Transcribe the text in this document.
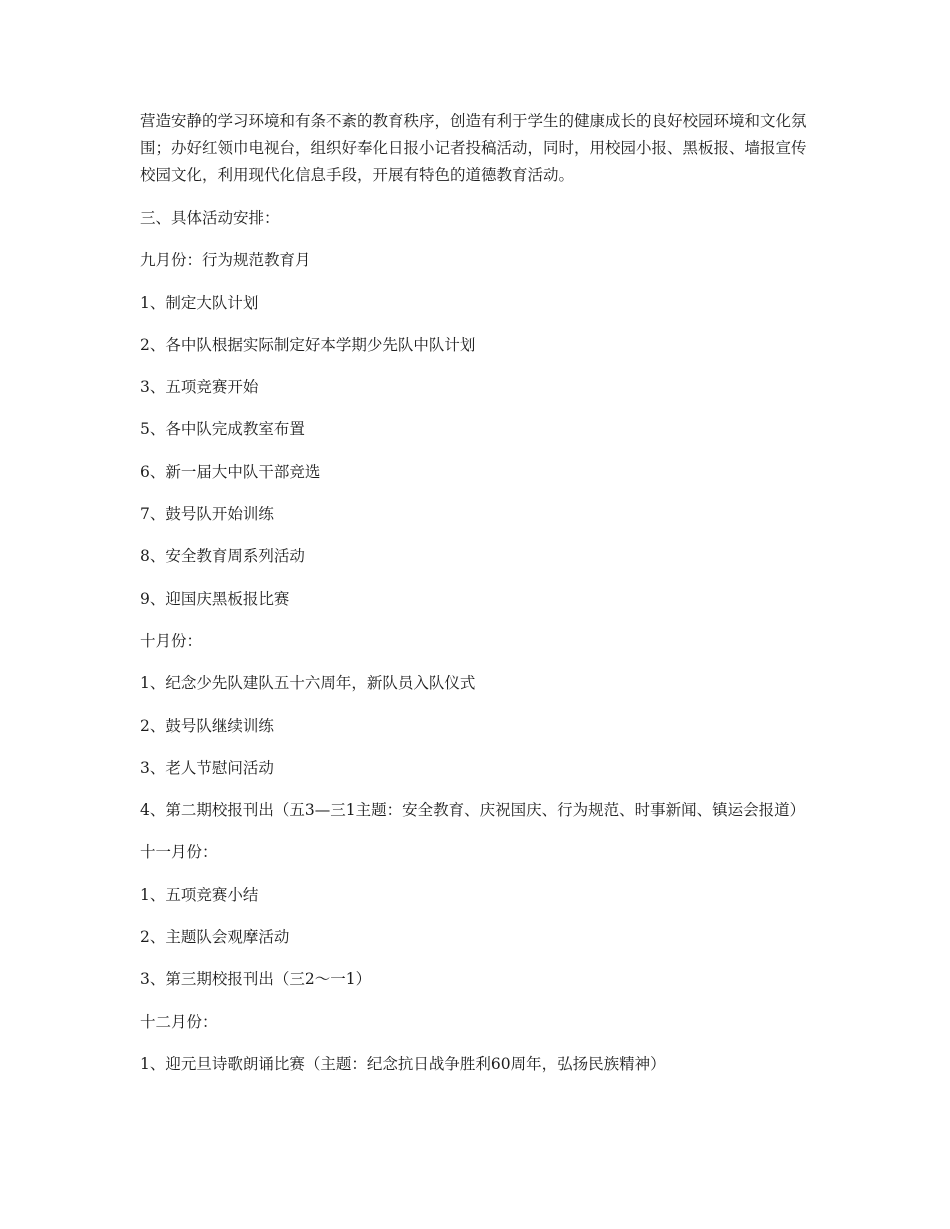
营造安静的学习环境和有条不紊的教育秩序，创造有利于学生的健康成长的良好校园环境和文化氛围；办好红领巾电视台，组织好奉化日报小记者投稿活动，同时，用校园小报、黑板报、墙报宣传校园文化，利用现代化信息手段，开展有特色的道德教育活动。

三、具体活动安排：

九月份：行为规范教育月

1、制定大队计划

2、各中队根据实际制定好本学期少先队中队计划

3、五项竞赛开始

5、各中队完成教室布置

6、新一届大中队干部竞选

7、鼓号队开始训练

8、安全教育周系列活动

9、迎国庆黑板报比赛

十月份：

1、纪念少先队建队五十六周年，新队员入队仪式

2、鼓号队继续训练

3、老人节慰问活动

4、第二期校报刊出（五3—三1主题：安全教育、庆祝国庆、行为规范、时事新闻、镇运会报道）

十一月份：

1、五项竞赛小结

2、主题队会观摩活动

3、第三期校报刊出（三2～一1）

十二月份：

1、迎元旦诗歌朗诵比赛（主题：纪念抗日战争胜利60周年，弘扬民族精神）
